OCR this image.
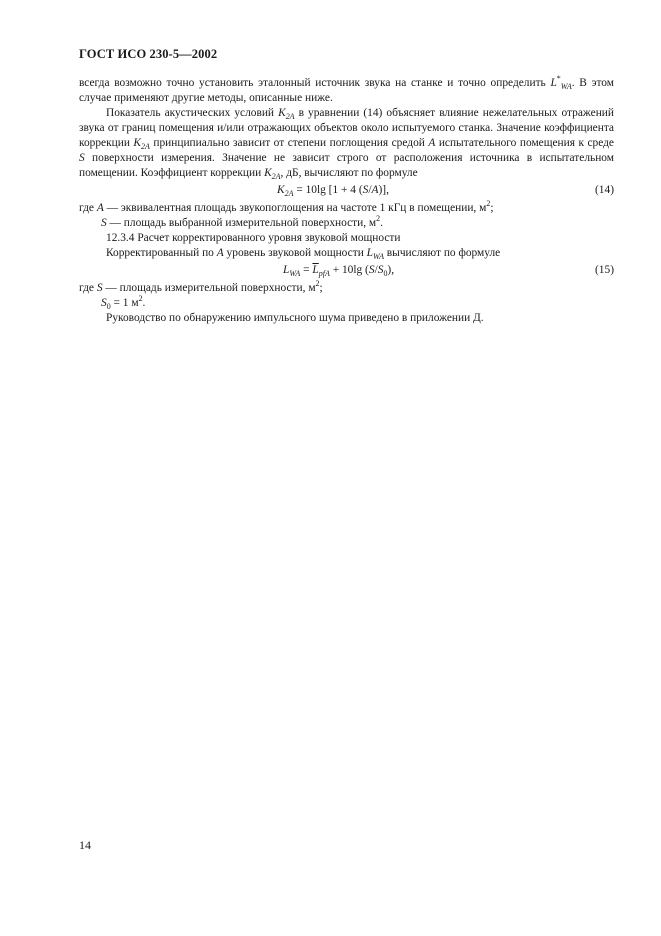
ГОСТ ИСО 230-5—2002

всегда возможно точно установить эталонный источник звука на станке и точно определить $L^*_{WA}$. В этом случае применяют другие методы, описанные ниже.

Показатель акустических условий $K_{2A}$ в уравнении (14) объясняет влияние нежелательных отражений звука от границ помещения и/или отражающих объектов около испытуемого станка. Значение коэффициента коррекции $K_{2A}$ принципиально зависит от степени поглощения средой A испытательного помещения к среде S поверхности измерения. Значение не зависит строго от расположения источника в испытательном помещении. Коэффициент коррекции $K_{2A}$, дБ, вычисляют по формуле

$K_{2A} = 10\lg$ [1 + 4 (S/A)],	(14)

где A — эквивалентная площадь звукопоглощения на частоте 1 кГц в помещении, $м^2$;

S — площадь выбранной измерительной поверхности, $м^2$.

12.3.4 Расчет корректированного уровня звуковой мощности

Корректированный по A уровень звуковой мощности $L_{WA}$ вычисляют по формуле

$L_{WA} = \overline{L}_{pfA} + 10\lg$ $(S/S_0)$,	(15)

где S — площадь измерительной поверхности, $м^2$;

$S_0 = 1$ $м^2$.

Руководство по обнаружению импульсного шума приведено в приложении Д.

14
